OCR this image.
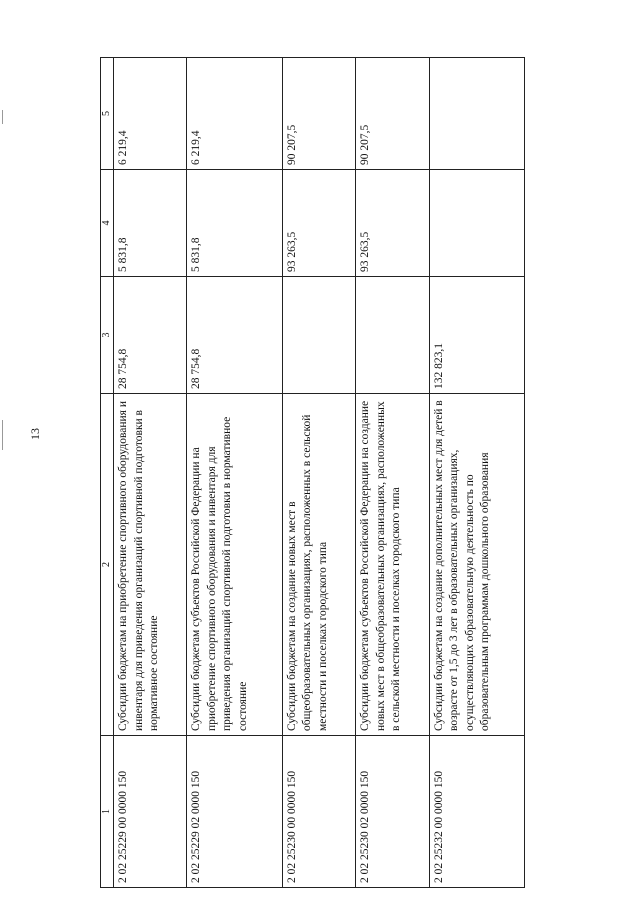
13
1	2	3	4	5
2 02 25229 00 0000 150	Субсидии бюджетам на приобретение спортивного оборудования и инвентаря для приведения организаций спортивной подготовки в нормативное состояние	28 754,8	5 831,8	6 219,4
2 02 25229 02 0000 150	Субсидии бюджетам субъектов Российской Федерации на приобретение спортивного оборудования и инвентаря для приведения организаций спортивной подготовки в нормативное состояние	28 754,8	5 831,8	6 219,4
2 02 25230 00 0000 150	Субсидии бюджетам на создание новых мест в общеобразовательных организациях, расположенных в сельской местности и поселках городского типа		93 263,5	90 207,5
2 02 25230 02 0000 150	Субсидии бюджетам субъектов Российской Федерации на создание новых мест в общеобразовательных организациях, расположенных в сельской местности и поселках городского типа		93 263,5	90 207,5
2 02 25232 00 0000 150	Субсидии бюджетам на создание дополнительных мест для детей в возрасте от 1,5 до 3 лет в образовательных организациях, осуществляющих образовательную деятельность по образовательным программам дошкольного образования	132 823,1		
